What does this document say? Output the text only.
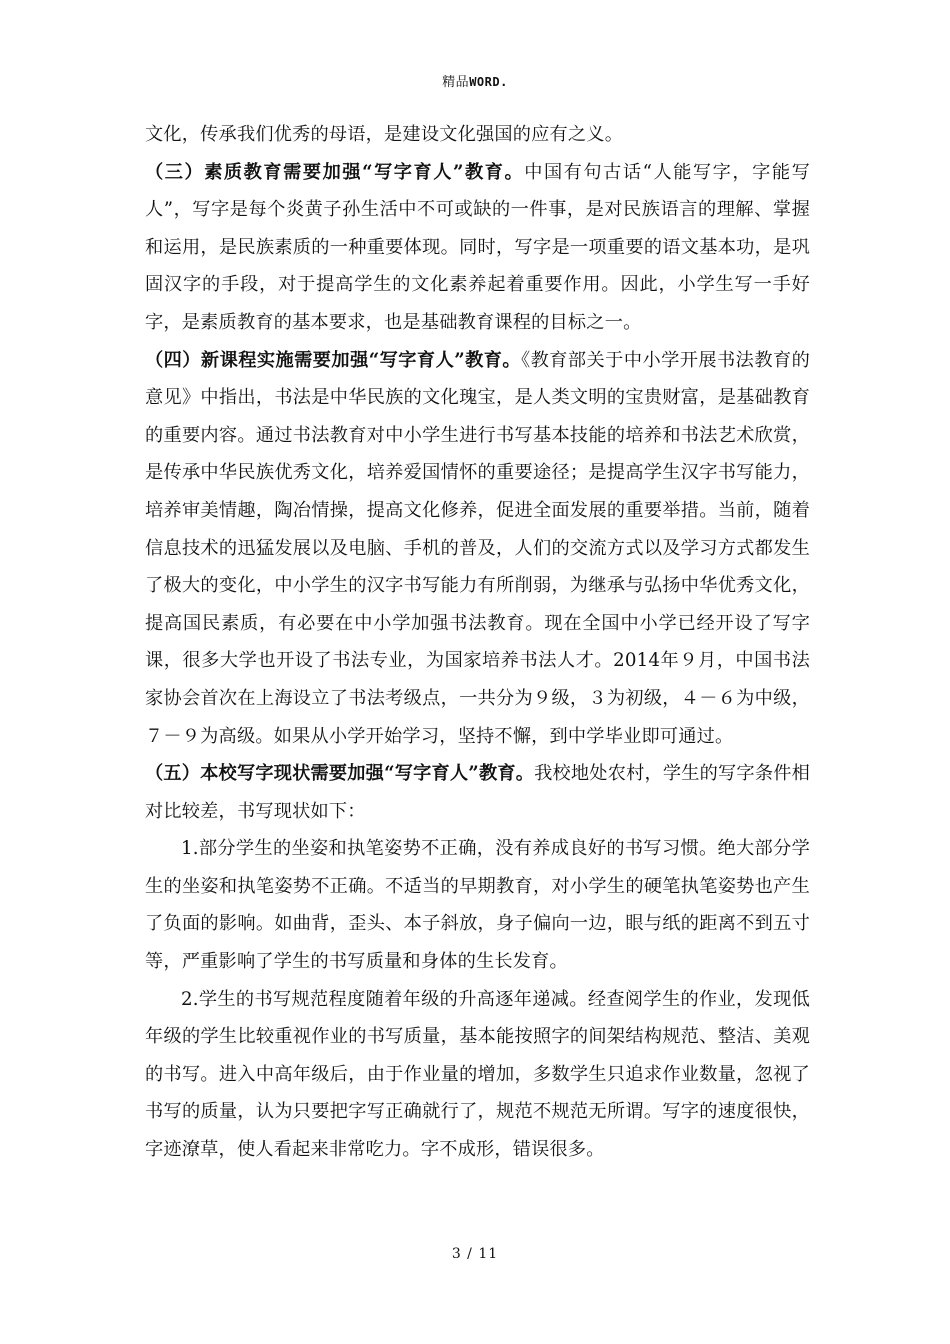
精品WORD.

文化，传承我们优秀的母语，是建设文化强国的应有之义。

（三）素质教育需要加强“写字育人”教育。中国有句古话“人能写字，字能写人”，写字是每个炎黄子孙生活中不可或缺的一件事，是对民族语言的理解、掌握和运用，是民族素质的一种重要体现。同时，写字是一项重要的语文基本功，是巩固汉字的手段，对于提高学生的文化素养起着重要作用。因此，小学生写一手好字，是素质教育的基本要求，也是基础教育课程的目标之一。

（四）新课程实施需要加强“写字育人”教育。《教育部关于中小学开展书法教育的意见》中指出，书法是中华民族的文化瑰宝，是人类文明的宝贵财富，是基础教育的重要内容。通过书法教育对中小学生进行书写基本技能的培养和书法艺术欣赏，是传承中华民族优秀文化，培养爱国情怀的重要途径；是提高学生汉字书写能力，培养审美情趣，陶冶情操，提高文化修养，促进全面发展的重要举措。当前，随着信息技术的迅猛发展以及电脑、手机的普及，人们的交流方式以及学习方式都发生了极大的变化，中小学生的汉字书写能力有所削弱，为继承与弘扬中华优秀文化，提高国民素质，有必要在中小学加强书法教育。现在全国中小学已经开设了写字课，很多大学也开设了书法专业，为国家培养书法人才。2014年９月，中国书法家协会首次在上海设立了书法考级点，一共分为９级，３为初级，４－６为中级，７－９为高级。如果从小学开始学习，坚持不懈，到中学毕业即可通过。

（五）本校写字现状需要加强“写字育人”教育。我校地处农村，学生的写字条件相对比较差，书写现状如下：

1.部分学生的坐姿和执笔姿势不正确，没有养成良好的书写习惯。绝大部分学生的坐姿和执笔姿势不正确。不适当的早期教育，对小学生的硬笔执笔姿势也产生了负面的影响。如曲背，歪头、本子斜放，身子偏向一边，眼与纸的距离不到五寸等，严重影响了学生的书写质量和身体的生长发育。

2.学生的书写规范程度随着年级的升高逐年递减。经查阅学生的作业，发现低年级的学生比较重视作业的书写质量，基本能按照字的间架结构规范、整洁、美观的书写。进入中高年级后，由于作业量的增加，多数学生只追求作业数量，忽视了书写的质量，认为只要把字写正确就行了，规范不规范无所谓。写字的速度很快，字迹潦草，使人看起来非常吃力。字不成形，错误很多。

3 / 11
